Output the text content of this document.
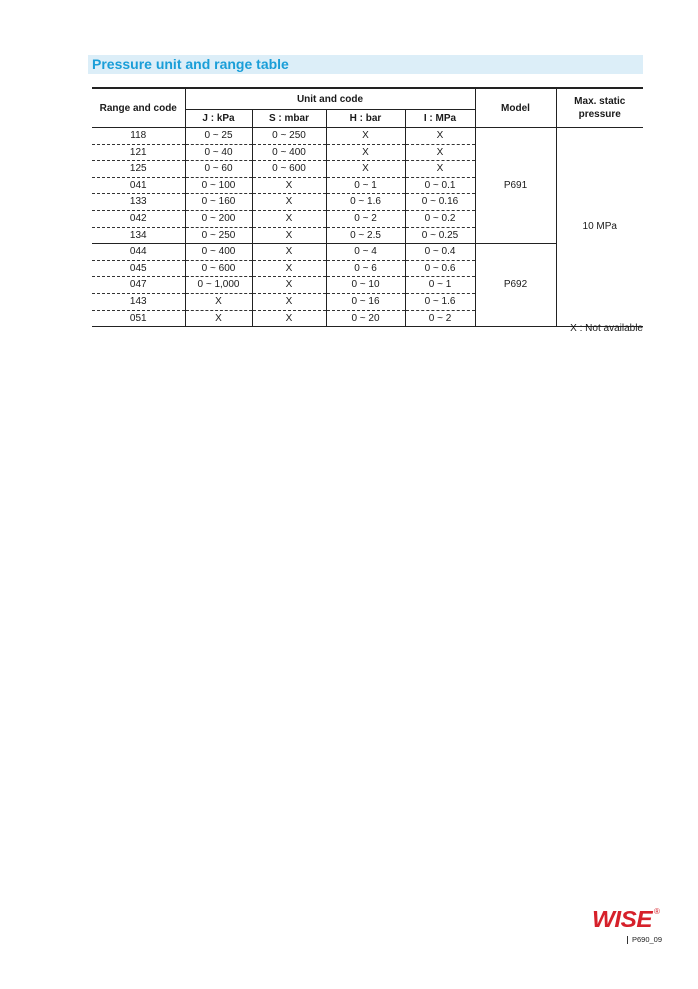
Pressure unit and range table
Range and code	Unit and code				Model	Max. static pressure
	J : kPa	S : mbar	H : bar	I : MPa		
118	0 ~ 25	0 ~ 250	X	X	P691	10 MPa
121	0 ~ 40	0 ~ 400	X	X		
125	0 ~ 60	0 ~ 600	X	X		
041	0 ~ 100	X	0 ~ 1	0 ~ 0.1		
133	0 ~ 160	X	0 ~ 1.6	0 ~ 0.16		
042	0 ~ 200	X	0 ~ 2	0 ~ 0.2		
134	0 ~ 250	X	0 ~ 2.5	0 ~ 0.25		
044	0 ~ 400	X	0 ~ 4	0 ~ 0.4	P692	
045	0 ~ 600	X	0 ~ 6	0 ~ 0.6		
047	0 ~ 1,000	X	0 ~ 10	0 ~ 1		
143	X	X	0 ~ 16	0 ~ 1.6		
051	X	X	0 ~ 20	0 ~ 2		
X : Not available
WISE ®
P690_09
